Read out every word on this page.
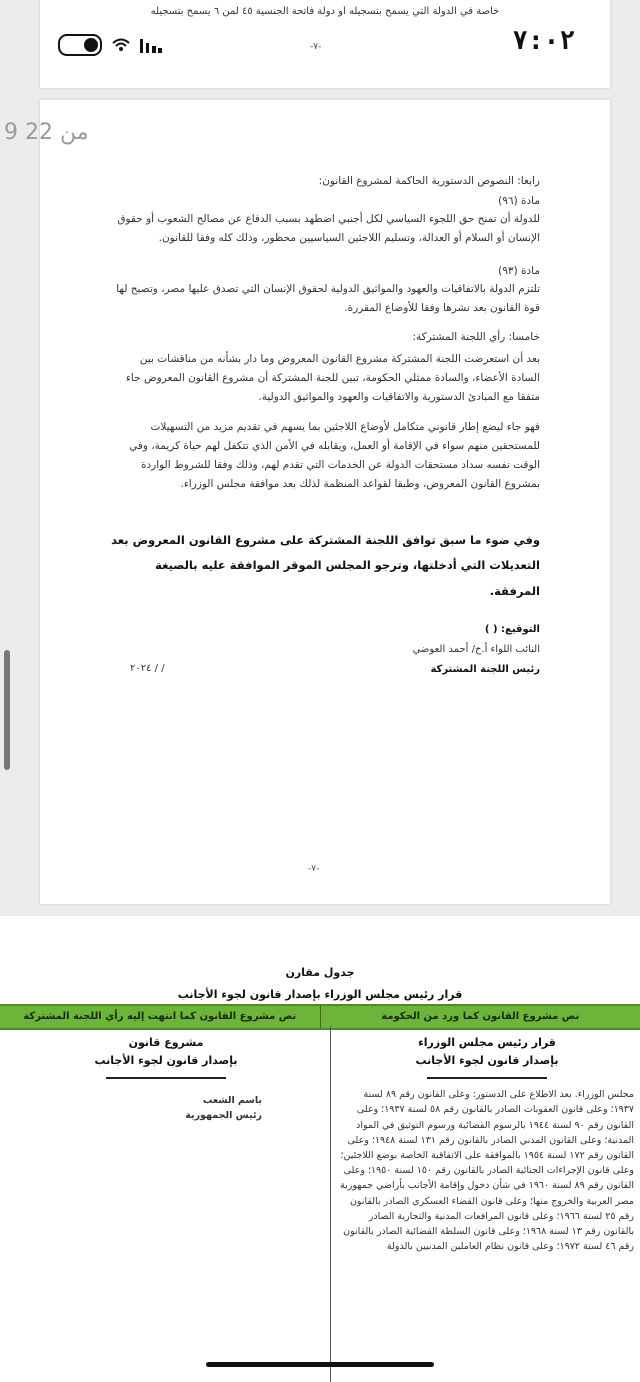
خاصة في الدولة التي يسمح بتسجيله أو دولة فاتحة الجنسية ٤٥ لمن ٦ يسمح بتسجيله
-٧-	٧:٠٢
رابعا: النصوص الدستورية الحاكمة لمشروع القانون:
مادة (٩٦)
للدولة أن تمنح حق اللجوء السياسي لكل أجنبي اضطهد بسبب الدفاع عن مصالح الشعوب أو حقوق الإنسان أو السلام أو العدالة، وتسليم اللاجئين السياسيين محظور، وذلك كله وفقا للقانون.
مادة (٩٣)
تلتزم الدولة بالاتفاقيات والعهود والمواثيق الدولية لحقوق الإنسان التي تصدق عليها مصر، وتصبح لها قوة القانون بعد نشرها وفقا للأوضاع المقررة.
خامسا: رأي اللجنة المشتركة:
بعد أن استعرضت اللجنة المشتركة مشروع القانون المعروض وما دار بشأنه من مناقشات بين السادة الأعضاء، والسادة ممثلي الحكومة، تبين للجنة المشتركة أن مشروع القانون المعروض جاء متفقا مع المبادئ الدستورية والاتفاقيات والعهود والمواثيق الدولية.
فهو جاء ليضع إطار قانوني متكامل لأوضاع اللاجئين بما يسهم في تقديم مزيد من التسهيلات للمستحقين منهم سواء في الإقامة أو العمل، ويقابله في الأمن الذي تتكفل لهم حياة كريمة، وفي الوقت نفسه سداد مستحقات الدولة عن الخدمات التي تقدم لهم، وذلك وفقا للشروط الواردة بمشروع القانون المعروض، وطبقا لقواعد المنظمة لذلك بعد موافقة مجلس الوزراء.
وفي ضوء ما سبق توافق اللجنة المشتركة على مشروع القانون المعروض بعد التعديلات التي أدخلتها، وترجو المجلس الموقر الموافقة عليه بالصيغة المرفقة.
التوقيع: ( )
النائب اللواء أ.ح/ أحمد العوضي
رئيس اللجنة المشتركة
/ / ٢٠٢٤
-٧-
9 من 22
جدول مقارن
قرار رئيس مجلس الوزراء بإصدار قانون لجوء الأجانب
نص مشروع القانون كما ورد من الحكومة
نص مشروع القانون كما انتهت إليه رأي اللجنة المشتركة
قرار رئيس مجلس الوزراء
بإصدار قانون لجوء الأجانب
مجلس الوزراء. بعد الاطلاع على الدستور: وعلى القانون رقم ٨٩ لسنة ١٩٣٧؛ وعلى قانون العقوبات الصادر بالقانون رقم ٥٨ لسنة ١٩٣٧؛ وعلى القانون رقم ٩٠ لسنة ١٩٤٤ بالرسوم القضائية ورسوم التوثيق في المواد المدنية؛ وعلى القانون المدني الصادر بالقانون رقم ١٣١ لسنة ١٩٤٨؛ وعلى القانون رقم ١٧٢ لسنة ١٩٥٤ بالموافقة على الاتفاقية الخاصة بوضع اللاجئين؛ وعلى قانون الإجراءات الجنائية الصادر بالقانون رقم ١٥٠ لسنة ١٩٥٠؛ وعلى القانون رقم ٨٩ لسنة ١٩٦٠ في شأن دخول وإقامة الأجانب بأراضي جمهورية مصر العربية والخروج منها؛ وعلى قانون القضاء العسكري الصادر بالقانون رقم ٢٥ لسنة ١٩٦٦؛ وعلى قانون المرافعات المدنية والتجارية الصادر بالقانون رقم ١٣ لسنة ١٩٦٨؛ وعلى قانون السلطة القضائية الصادر بالقانون رقم ٤٦ لسنة ١٩٧٢؛ وعلى قانون نظام العاملين المدنيين بالدولة
مشروع قانون
بإصدار قانون لجوء الأجانب
باسم الشعب
رئيس الجمهورية
